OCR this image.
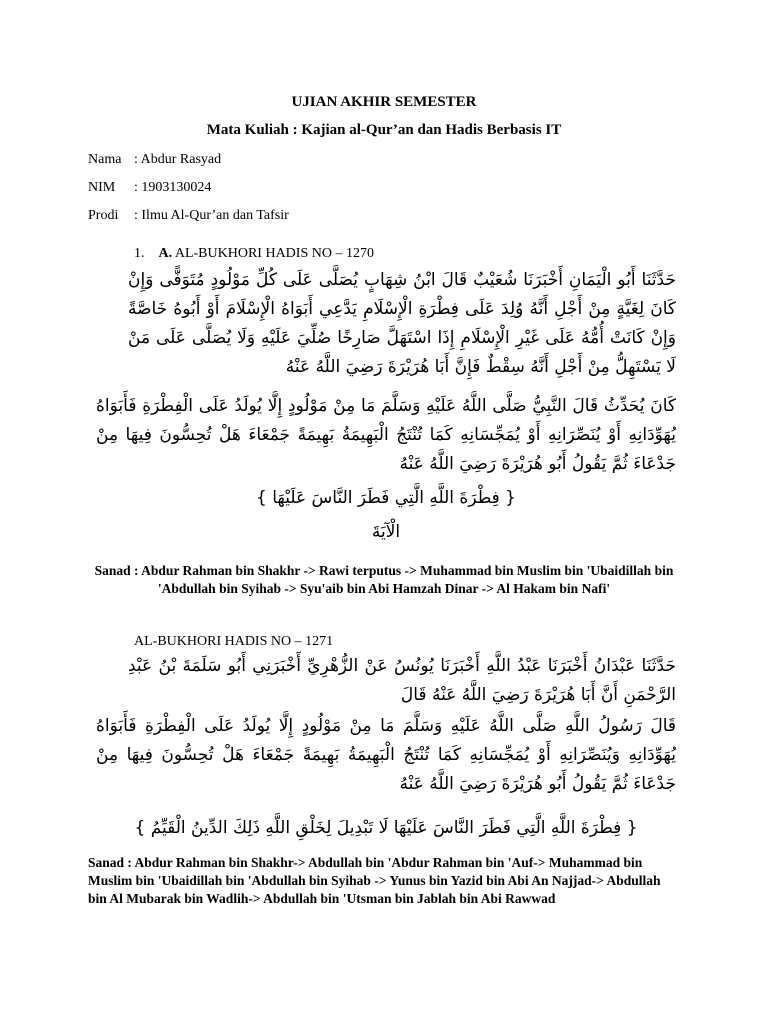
UJIAN AKHIR SEMESTER
Mata Kuliah : Kajian al-Qur’an dan Hadis Berbasis IT
Nama : Abdur Rasyad
NIM	: 1903130024
Prodi	: Ilmu Al-Qur’an dan Tafsir
1. A. AL-BUKHORI HADIS NO – 1270
حَدَّثَنَا أَبُو الْيَمَانِ أَخْبَرَنَا شُعَيْبٌ قَالَ ابْنُ شِهَابٍ يُصَلَّى عَلَى كُلِّ مَوْلُودٍ مُتَوَفًّى وَإِنْ كَانَ لِغَيَّةٍ مِنْ أَجْلِ أَنَّهُ وُلِدَ عَلَى فِطْرَةِ الْإِسْلَامِ يَدَّعِي أَبَوَاهُ الْإِسْلَامَ أَوْ أَبُوهُ خَاصَّةً وَإِنْ كَانَتْ أُمُّهُ عَلَى غَيْرِ الْإِسْلَامِ إِذَا اسْتَهَلَّ صَارِخًا صُلِّيَ عَلَيْهِ وَلَا يُصَلَّى عَلَى مَنْ لَا يَسْتَهِلُّ مِنْ أَجْلِ أَنَّهُ سِقْطٌ فَإِنَّ أَبَا هُرَيْرَةَ رَضِيَ اللَّهُ عَنْهُ
كَانَ يُحَدِّثُ قَالَ النَّبِيُّ صَلَّى اللَّهُ عَلَيْهِ وَسَلَّمَ مَا مِنْ مَوْلُودٍ إِلَّا يُولَدُ عَلَى الْفِطْرَةِ فَأَبَوَاهُ يُهَوِّدَانِهِ أَوْ يُنَصِّرَانِهِ أَوْ يُمَجِّسَانِهِ كَمَا تُنْتَجُ الْبَهِيمَةُ بَهِيمَةً جَمْعَاءَ هَلْ تُحِسُّونَ فِيهَا مِنْ جَدْعَاءَ ثُمَّ يَقُولُ أَبُو هُرَيْرَةَ رَضِيَ اللَّهُ عَنْهُ
{ فِطْرَةَ اللَّهِ الَّتِي فَطَرَ النَّاسَ عَلَيْهَا }
الْآيَةَ
Sanad : Abdur Rahman bin Shakhr -> Rawi terputus -> Muhammad bin Muslim bin 'Ubaidillah bin 'Abdullah bin Syihab -> Syu'aib bin Abi Hamzah Dinar -> Al Hakam bin Nafi'
AL-BUKHORI HADIS NO – 1271
حَدَّثَنَا عَبْدَانُ أَخْبَرَنَا عَبْدُ اللَّهِ أَخْبَرَنَا يُونُسُ عَنْ الزُّهْرِيِّ أَخْبَرَنِي أَبُو سَلَمَةَ بْنُ عَبْدِ الرَّحْمَنِ أَنَّ أَبَا هُرَيْرَةَ رَضِيَ اللَّهُ عَنْهُ قَالَ
قَالَ رَسُولُ اللَّهِ صَلَّى اللَّهُ عَلَيْهِ وَسَلَّمَ مَا مِنْ مَوْلُودٍ إِلَّا يُولَدُ عَلَى الْفِطْرَةِ فَأَبَوَاهُ يُهَوِّدَانِهِ وَيُنَصِّرَانِهِ أَوْ يُمَجِّسَانِهِ كَمَا تُنْتَجُ الْبَهِيمَةُ بَهِيمَةً جَمْعَاءَ هَلْ تُحِسُّونَ فِيهَا مِنْ جَدْعَاءَ ثُمَّ يَقُولُ أَبُو هُرَيْرَةَ رَضِيَ اللَّهُ عَنْهُ
{ فِطْرَةَ اللَّهِ الَّتِي فَطَرَ النَّاسَ عَلَيْهَا لَا تَبْدِيلَ لِخَلْقِ اللَّهِ ذَلِكَ الدِّينُ الْقَيِّمُ }
Sanad : Abdur Rahman bin Shakhr-> Abdullah bin 'Abdur Rahman bin 'Auf-> Muhammad bin Muslim bin 'Ubaidillah bin 'Abdullah bin Syihab -> Yunus bin Yazid bin Abi An Najjad-> Abdullah bin Al Mubarak bin Wadlih-> Abdullah bin 'Utsman bin Jablah bin Abi Rawwad
